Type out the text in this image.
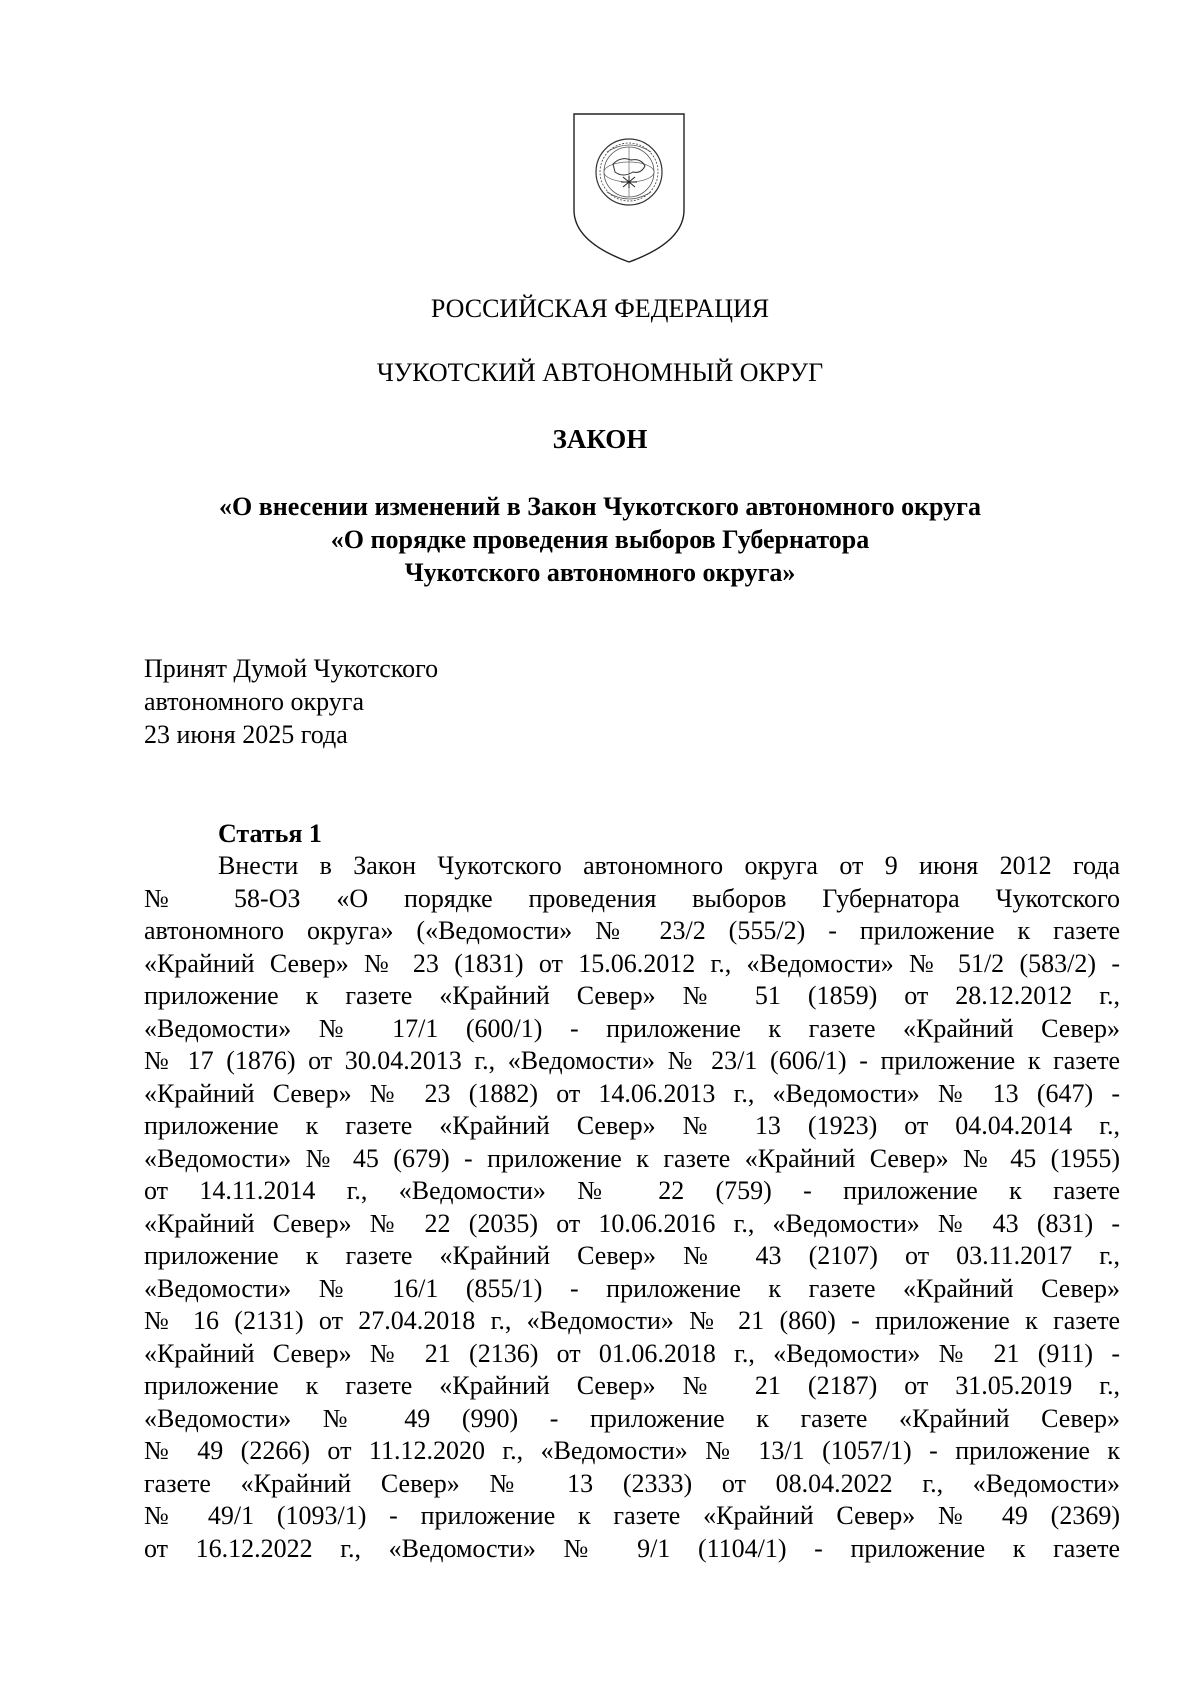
РОССИЙСКАЯ ФЕДЕРАЦИЯ
ЧУКОТСКИЙ АВТОНОМНЫЙ ОКРУГ
ЗАКОН
«О внесении изменений в Закон Чукотского автономного округа
«О порядке проведения выборов Губернатора
Чукотского автономного округа»
Принят Думой Чукотского
автономного округа
23 июня 2025 года
Статья 1
Внести в Закон Чукотского автономного округа от 9 июня 2012 года
№ 58-ОЗ «О порядке проведения выборов Губернатора Чукотского
автономного округа» («Ведомости» № 23/2 (555/2) - приложение к газете
«Крайний Север» № 23 (1831) от 15.06.2012 г., «Ведомости» № 51/2 (583/2) -
приложение к газете «Крайний Север» № 51 (1859) от 28.12.2012 г.,
«Ведомости» № 17/1 (600/1) - приложение к газете «Крайний Север»
№ 17 (1876) от 30.04.2013 г., «Ведомости» № 23/1 (606/1) - приложение к газете
«Крайний Север» № 23 (1882) от 14.06.2013 г., «Ведомости» № 13 (647) -
приложение к газете «Крайний Север» № 13 (1923) от 04.04.2014 г.,
«Ведомости» № 45 (679) - приложение к газете «Крайний Север» № 45 (1955)
от 14.11.2014 г., «Ведомости» № 22 (759) - приложение к газете
«Крайний Север» № 22 (2035) от 10.06.2016 г., «Ведомости» № 43 (831) -
приложение к газете «Крайний Север» № 43 (2107) от 03.11.2017 г.,
«Ведомости» № 16/1 (855/1) - приложение к газете «Крайний Север»
№ 16 (2131) от 27.04.2018 г., «Ведомости» № 21 (860) - приложение к газете
«Крайний Север» № 21 (2136) от 01.06.2018 г., «Ведомости» № 21 (911) -
приложение к газете «Крайний Север» № 21 (2187) от 31.05.2019 г.,
«Ведомости» № 49 (990) - приложение к газете «Крайний Север»
№ 49 (2266) от 11.12.2020 г., «Ведомости» № 13/1 (1057/1) - приложение к
газете «Крайний Север» № 13 (2333) от 08.04.2022 г., «Ведомости»
№ 49/1 (1093/1) - приложение к газете «Крайний Север» № 49 (2369)
от 16.12.2022 г., «Ведомости» № 9/1 (1104/1) - приложение к газете
